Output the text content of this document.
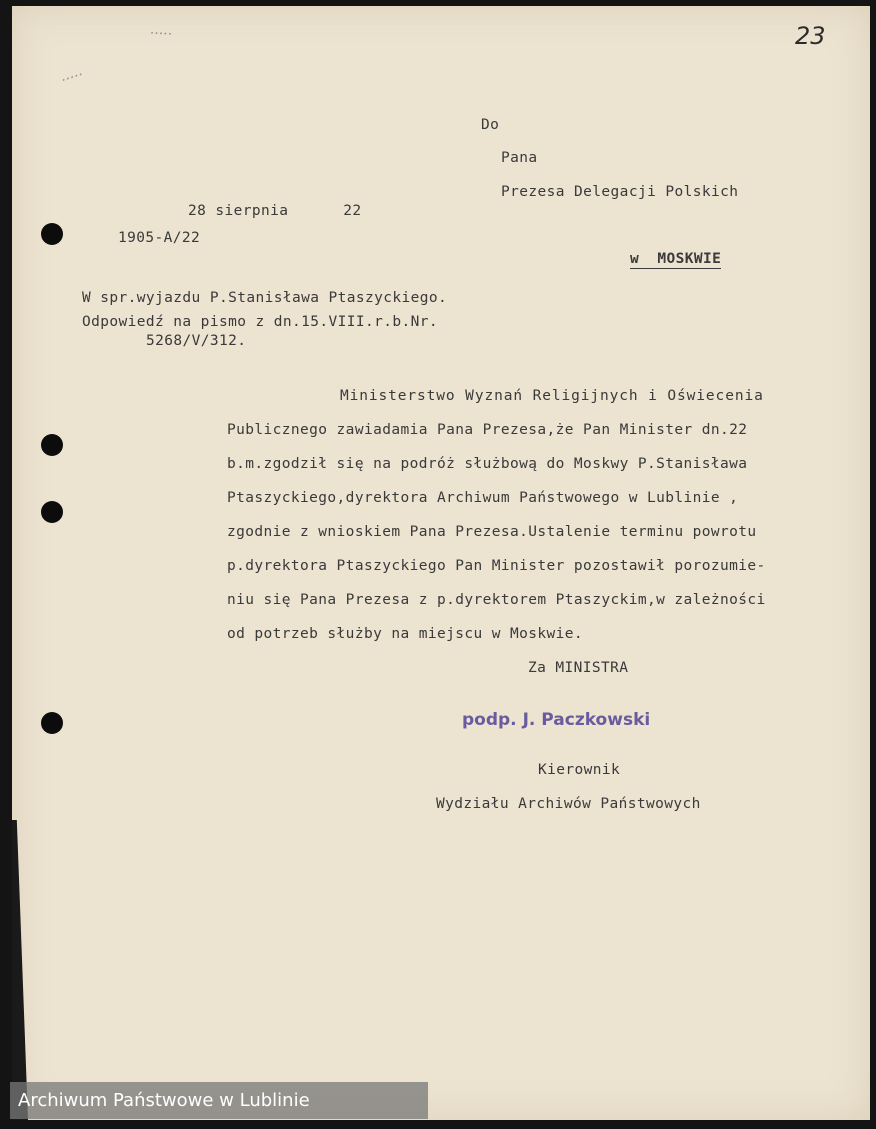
23
.....
.....
Do
Pana
Prezesa Delegacji Polskich
28 sierpnia      22
1905-A/22
w  MOSKWIE
W spr.wyjazdu P.Stanisława Ptaszyckiego.
Odpowiedź na pismo z dn.15.VIII.r.b.Nr.
5268/V/312.
Ministerstwo Wyznań Religijnych i Oświecenia
Publicznego zawiadamia Pana Prezesa,że Pan Minister dn.22
b.m.zgodził się na podróż służbową do Moskwy P.Stanisława
Ptaszyckiego,dyrektora Archiwum Państwowego w Lublinie ,
zgodnie z wnioskiem Pana Prezesa.Ustalenie terminu powrotu
p.dyrektora Ptaszyckiego Pan Minister pozostawił porozumie-
niu się Pana Prezesa z p.dyrektorem Ptaszyckim,w zależności
od potrzeb służby na miejscu w Moskwie.
Za MINISTRA
podp. J. Paczkowski
Kierownik
Wydziału Archiwów Państwowych
Archiwum Państwowe w Lublinie
